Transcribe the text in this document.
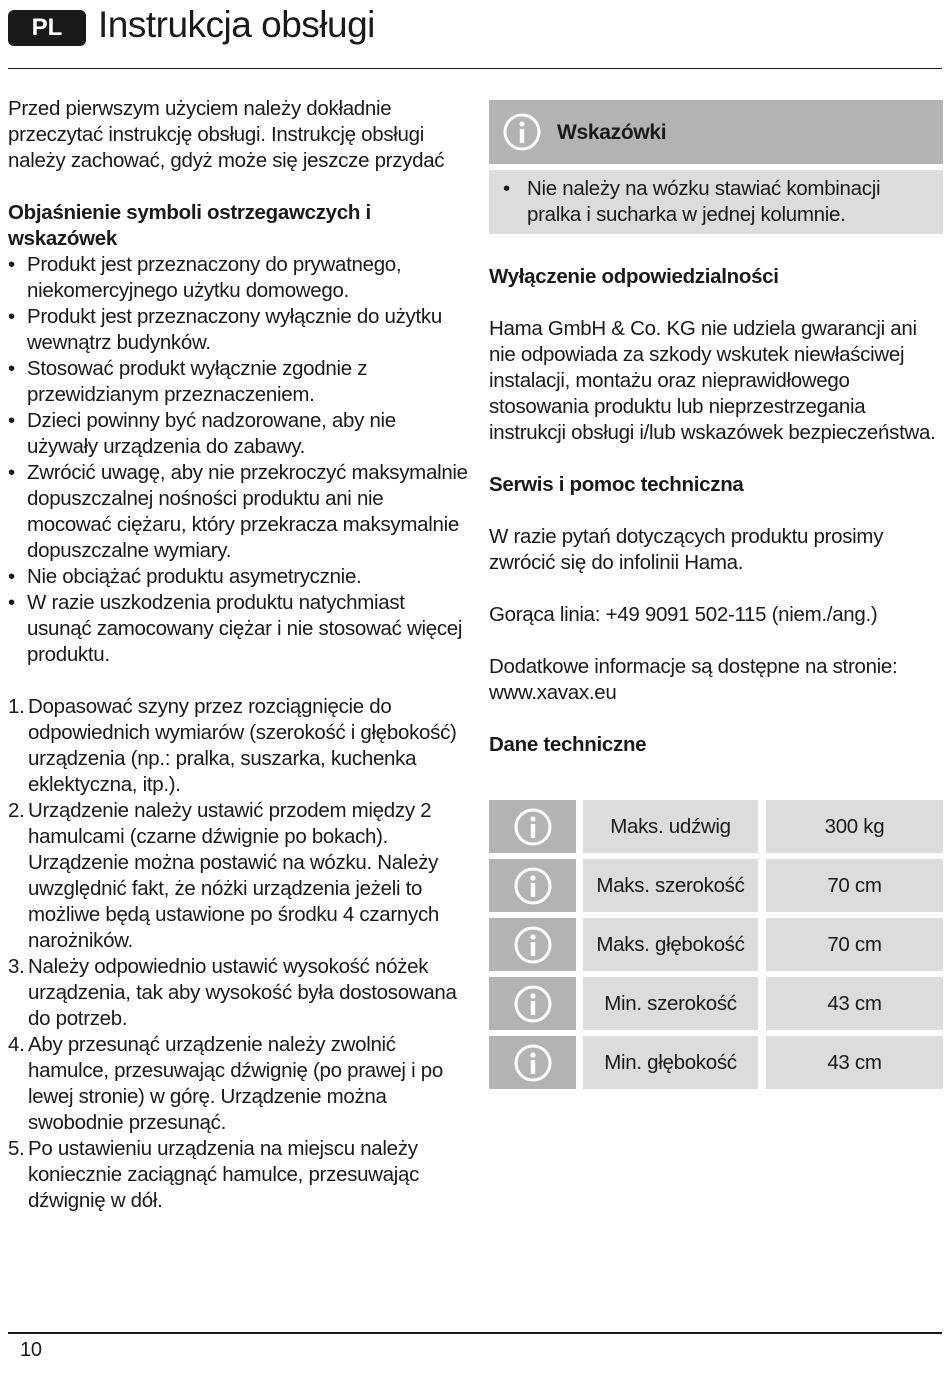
PL Instrukcja obsługi

Przed pierwszym użyciem należy dokładnie przeczytać instrukcję obsługi. Instrukcję obsługi należy zachować, gdyż może się jeszcze przydać

Objaśnienie symboli ostrzegawczych i wskazówek

• Produkt jest przeznaczony do prywatnego, niekomercyjnego użytku domowego.
• Produkt jest przeznaczony wyłącznie do użytku wewnątrz budynków.
• Stosować produkt wyłącznie zgodnie z przewidzianym przeznaczeniem.
• Dzieci powinny być nadzorowane, aby nie używały urządzenia do zabawy.
• Zwrócić uwagę, aby nie przekroczyć maksymalnie dopuszczalnej nośności produktu ani nie mocować ciężaru, który przekracza maksymalnie dopuszczalne wymiary.
• Nie obciążać produktu asymetrycznie.
• W razie uszkodzenia produktu natychmiast usunąć zamocowany ciężar i nie stosować więcej produktu.
1. Dopasować szyny przez rozciągnięcie do odpowiednich wymiarów (szerokość i głębokość) urządzenia (np.: pralka, suszarka, kuchenka eklektyczna, itp.).
2. Urządzenie należy ustawić przodem między 2 hamulcami (czarne dźwignie po bokach). Urządzenie można postawić na wózku. Należy uwzględnić fakt, że nóżki urządzenia jeżeli to możliwe będą ustawione po środku 4 czarnych narożników.
3. Należy odpowiednio ustawić wysokość nóżek urządzenia, tak aby wysokość była dostosowana do potrzeb.
4. Aby przesunąć urządzenie należy zwolnić hamulce, przesuwając dźwignię (po prawej i po lewej stronie) w górę. Urządzenie można swobodnie przesunąć.
5. Po ustawieniu urządzenia na miejscu należy koniecznie zaciągnąć hamulce, przesuwając dźwignię w dół.
Wskazówki
• Nie należy na wózku stawiać kombinacji pralka i sucharka w jednej kolumnie.

Wyłączenie odpowiedzialności

Hama GmbH & Co. KG nie udziela gwarancji ani nie odpowiada za szkody wskutek niewłaściwej instalacji, montażu oraz nieprawidłowego stosowania produktu lub nieprzestrzegania instrukcji obsługi i/lub wskazówek bezpieczeństwa.

Serwis i pomoc techniczna

W razie pytań dotyczących produktu prosimy zwrócić się do infolinii Hama.

Gorąca linia: +49 9091 502-115 (niem./ang.)

Dodatkowe informacje są dostępne na stronie: www.xavax.eu

Dane techniczne

Maks. udźwig	300 kg
Maks. szerokość	70 cm
Maks. głębokość	70 cm
Min. szerokość	43 cm
Min. głębokość	43 cm
10
